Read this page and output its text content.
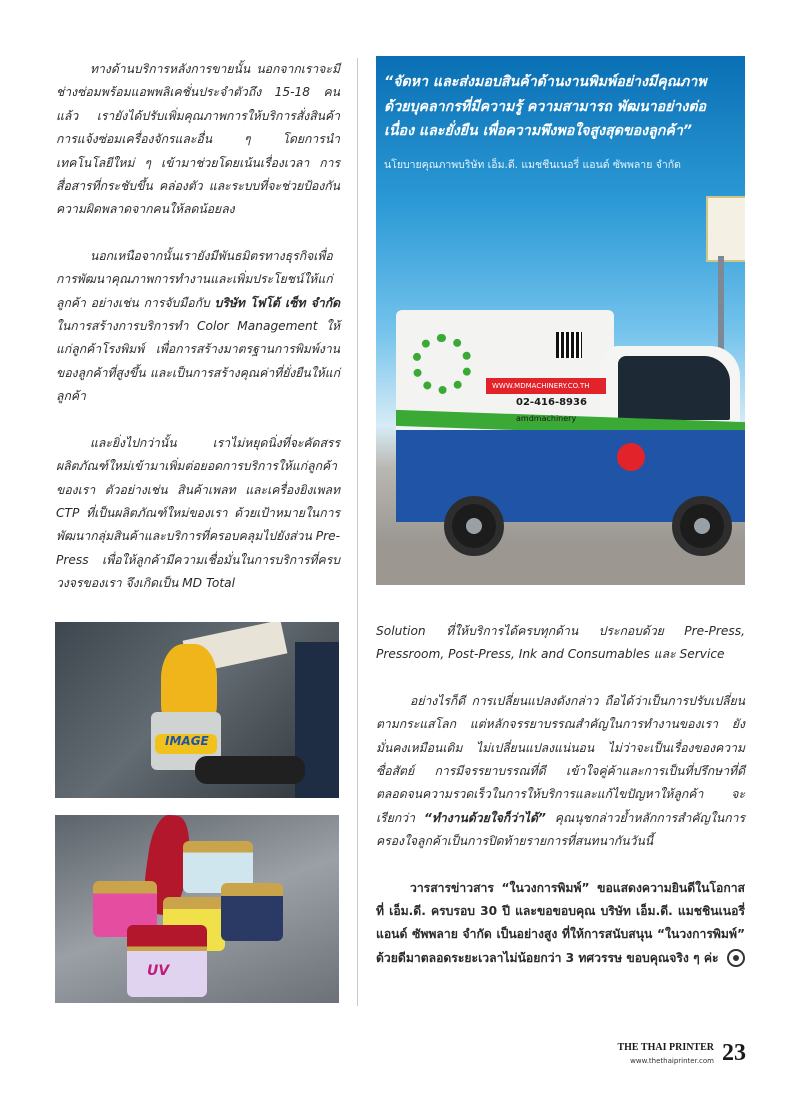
ทางด้านบริการหลังการขายนั้น นอกจากเราจะมีช่างซ่อมพร้อมแอพพลิเคชั่นประจำตัวถึง 15-18 คนแล้ว เรายังได้ปรับเพิ่มคุณภาพการให้บริการสั่งสินค้า การแจ้งซ่อมเครื่องจักรและอื่น ๆ โดยการนำเทคโนโลยีใหม่ ๆ เข้ามาช่วยโดยเน้นเรื่องเวลา การสื่อสารที่กระชับขึ้น คล่องตัว และระบบที่จะช่วยป้องกันความผิดพลาดจากคนให้ลดน้อยลง

นอกเหนือจากนั้นเรายังมีพันธมิตรทางธุรกิจเพื่อการพัฒนาคุณภาพการทำงานและเพิ่มประโยชน์ให้แก่ลูกค้า อย่างเช่น การจับมือกับ บริษัท โฟโต้ เซ็ท จำกัด ในการสร้างการบริการทำ Color Management ให้แก่ลูกค้าโรงพิมพ์ เพื่อการสร้างมาตรฐานการพิมพ์งานของลูกค้าที่สูงขึ้น และเป็นการสร้างคุณค่าที่ยั่งยืนให้แก่ลูกค้า

และยิ่งไปกว่านั้น เราไม่หยุดนิ่งที่จะคัดสรรผลิตภัณฑ์ใหม่เข้ามาเพิ่มต่อยอดการบริการให้แก่ลูกค้าของเรา ตัวอย่างเช่น สินค้าเพลท และเครื่องยิงเพลท CTP ที่เป็นผลิตภัณฑ์ใหม่ของเรา ด้วยเป้าหมายในการพัฒนากลุ่มสินค้าและบริการที่ครอบคลุมไปยังส่วน Pre-Press เพื่อให้ลูกค้ามีความเชื่อมั่นในการบริการที่ครบวงจรของเรา จึงเกิดเป็น MD Total

“จัดหา และส่งมอบสินค้าด้านงานพิมพ์อย่างมีคุณภาพ ด้วยบุคลากรที่มีความรู้ ความสามารถ พัฒนาอย่างต่อเนื่อง และยั่งยืน เพื่อความพึงพอใจสูงสุดของลูกค้า”
นโยบายคุณภาพบริษัท เอ็ม.ดี. แมชชีนเนอรี่ แอนด์ ซัพพลาย จำกัด
WWW.MDMACHINERY.CO.TH
02-416-8936
amdmachinery
IMAGE
UV

Solution ที่ให้บริการได้ครบทุกด้าน ประกอบด้วย Pre-Press, Pressroom, Post-Press, Ink and Consumables และ Service

อย่างไรก็ดี การเปลี่ยนแปลงดังกล่าว ถือได้ว่าเป็นการปรับเปลี่ยนตามกระแสโลก แต่หลักจรรยาบรรณสำคัญในการทำงานของเรา ยังมั่นคงเหมือนเดิม ไม่เปลี่ยนแปลงแน่นอน ไม่ว่าจะเป็นเรื่องของความซื่อสัตย์ การมีจรรยาบรรณที่ดี เข้าใจคู่ค้าและการเป็นที่ปรึกษาที่ดี ตลอดจนความรวดเร็วในการให้บริการและแก้ไขปัญหาให้ลูกค้า จะเรียกว่า “ทำงานด้วยใจก็ว่าได้” คุณนุชกล่าวย้ำหลักการสำคัญในการครองใจลูกค้าเป็นการปิดท้ายรายการที่สนทนากันวันนี้

วารสารข่าวสาร “ในวงการพิมพ์” ขอแสดงความยินดีในโอกาสที่ เอ็ม.ดี. ครบรอบ 30 ปี และขอขอบคุณ บริษัท เอ็ม.ดี. แมชชินเนอรี่ แอนด์ ซัพพลาย จำกัด เป็นอย่างสูง ที่ให้การสนับสนุน “ในวงการพิมพ์” ด้วยดีมาตลอดระยะเวลาไม่น้อยกว่า 3 ทศวรรษ ขอบคุณจริง ๆ ค่ะ

THE THAI PRINTER
www.thethaiprinter.com 23
